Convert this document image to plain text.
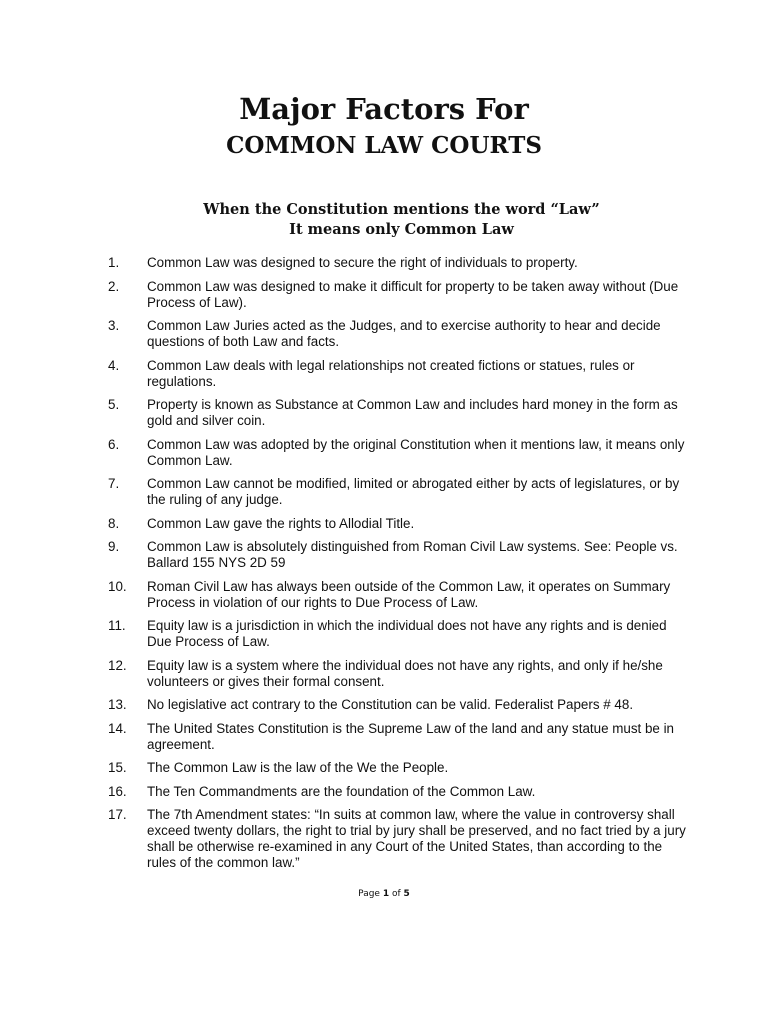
Major Factors For
COMMON LAW COURTS
When the Constitution mentions the word “Law”
It means only Common Law
1.	Common Law was designed to secure the right of individuals to property.
2.	Common Law was designed to make it difficult for property to be taken away without (Due Process of Law).
3.	Common Law Juries acted as the Judges, and to exercise authority to hear and decide questions of both Law and facts.
4.	Common Law deals with legal relationships not created fictions or statues, rules or regulations.
5.	Property is known as Substance at Common Law and includes hard money in the form as gold and silver coin.
6.	Common Law was adopted by the original Constitution when it mentions law, it means only Common Law.
7.	Common Law cannot be modified, limited or abrogated either by acts of legislatures, or by the ruling of any judge.
8.	Common Law gave the rights to Allodial Title.
9.	Common Law is absolutely distinguished from Roman Civil Law systems. See: People vs. Ballard 155 NYS 2D 59
10.	Roman Civil Law has always been outside of the Common Law, it operates on Summary Process in violation of our rights to Due Process of Law.
11.	Equity law is a jurisdiction in which the individual does not have any rights and is denied Due Process of Law.
12.	Equity law is a system where the individual does not have any rights, and only if he/she volunteers or gives their formal consent.
13.	No legislative act contrary to the Constitution can be valid. Federalist Papers # 48.
14.	The United States Constitution is the Supreme Law of the land and any statue must be in agreement.
15.	The Common Law is the law of the We the People.
16.	The Ten Commandments are the foundation of the Common Law.
17.	The 7th Amendment states: “In suits at common law, where the value in controversy shall exceed twenty dollars, the right to trial by jury shall be preserved, and no fact tried by a jury shall be otherwise re-examined in any Court of the United States, than according to the rules of the common law.”
Page 1 of 5
